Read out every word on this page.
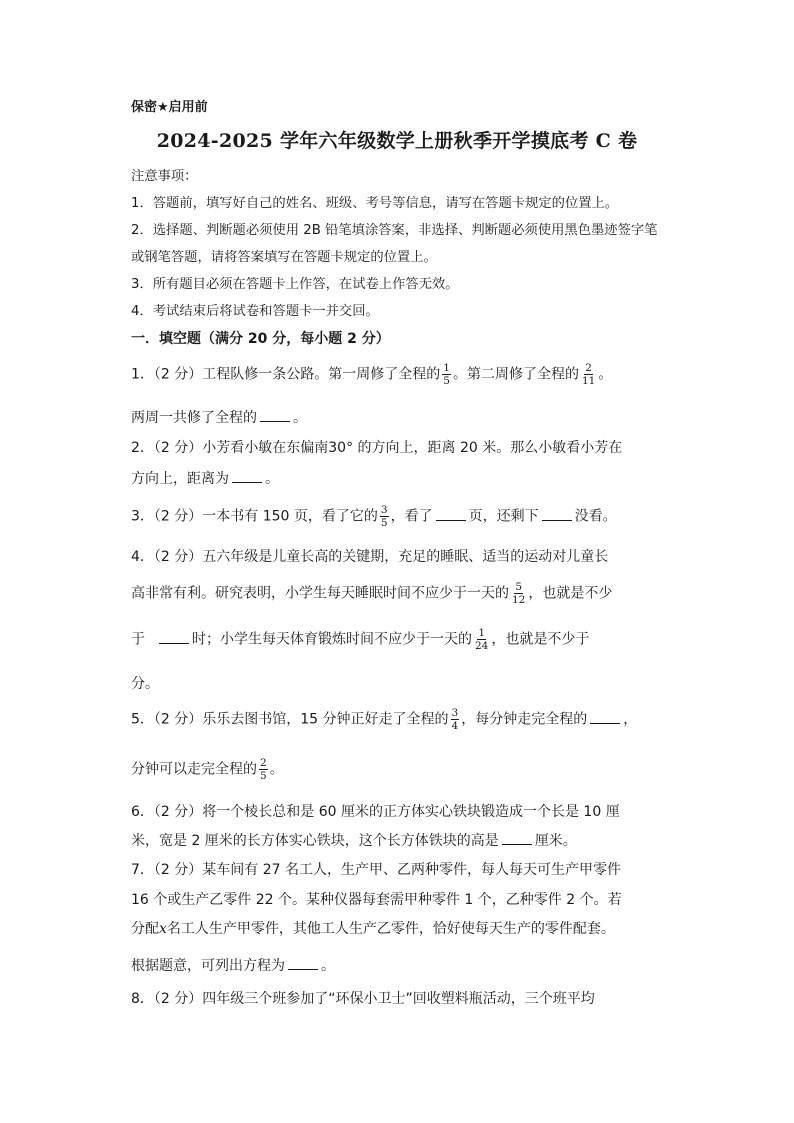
保密★启用前
2024-2025 学年六年级数学上册秋季开学摸底考 C 卷
注意事项：
1．答题前，填写好自己的姓名、班级、考号等信息，请写在答题卡规定的位置上。
2．选择题、判断题必须使用 2B 铅笔填涂答案，非选择、判断题必须使用黑色墨迹签字笔
或钢笔答题，请将答案填写在答题卡规定的位置上。
3．所有题目必须在答题卡上作答，在试卷上作答无效。
4．考试结束后将试卷和答题卡一并交回。
一．填空题（满分 20 分，每小题 2 分）
1．（2 分）工程队修一条公路。第一周修了全程的 $\frac{1}{5}$ 。第二周修了全程的 $\frac{2}{11}$ 。
两周一共修了全程的	。
2．（2 分）小芳看小敏在东偏南30° 的方向上，距离 20 米。那么小敏看小芳在
方向上，距离为	。
3．（2 分）一本书有 150 页，看了它的 $\frac{3}{5}$ ，看了	页，还剩下	没看。
4．（2 分）五六年级是儿童长高的关键期，充足的睡眠、适当的运动对儿童长
高非常有利。研究表明，小学生每天睡眠时间不应少于一天的 $\frac{5}{12}$ ，也就是不少
于	时；小学生每天体育锻炼时间不应少于一天的 $\frac{1}{24}$ ，也就是不少于
分。
5．（2 分）乐乐去图书馆，15 分钟正好走了全程的 $\frac{3}{4}$ ，每分钟走完全程的	，
分钟可以走完全程的 $\frac{2}{5}$ 。
6．（2 分）将一个棱长总和是 60 厘米的正方体实心铁块锻造成一个长是 10 厘
米，宽是 2 厘米的长方体实心铁块，这个长方体铁块的高是	厘米。
7．（2 分）某车间有 27 名工人，生产甲、乙两种零件，每人每天可生产甲零件
16 个或生产乙零件 22 个。某种仪器每套需甲种零件 1 个，乙种零件 2 个。若
分配x名工人生产甲零件，其他工人生产乙零件，恰好使每天生产的零件配套。
根据题意，可列出方程为	。
8．（2 分）四年级三个班参加了“环保小卫士”回收塑料瓶活动，三个班平均
